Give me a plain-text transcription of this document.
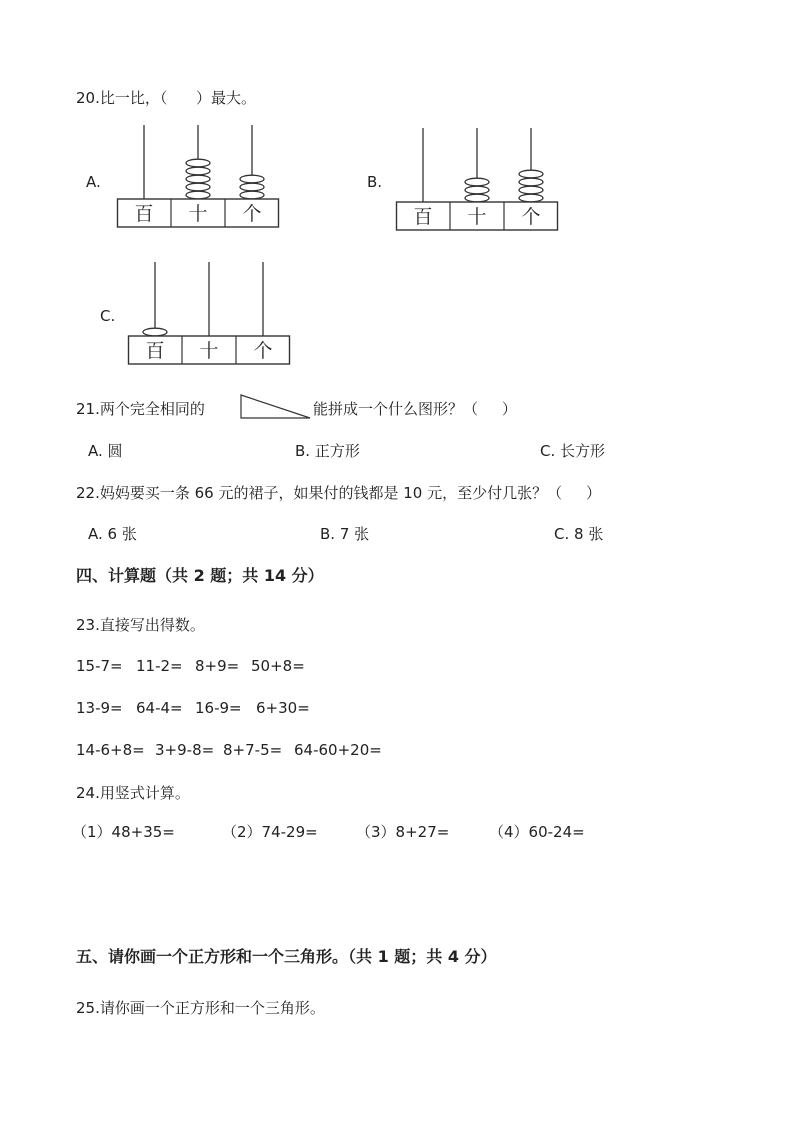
20.比一比，（      ）最大。
A.
百 十 个
B.
百 十 个
C.
百 十 个
21.两个完全相同的	能拼成一个什么图形？（     ）
A. 圆	B. 正方形	C. 长方形
22.妈妈要买一条 66 元的裙子，如果付的钱都是 10 元，至少付几张？（     ）
A. 6 张	B. 7 张	C. 8 张
四、计算题（共 2 题；共 14 分）
23.直接写出得数。
15-7= 11-2= 8+9= 50+8=
13-9= 64-4= 16-9= 6+30=
14-6+8= 3+9-8= 8+7-5= 64-60+20=
24.用竖式计算。
（1）48+35=	（2）74-29=	（3）8+27=	（4）60-24=
五、请你画一个正方形和一个三角形。（共 1 题；共 4 分）
25.请你画一个正方形和一个三角形。
